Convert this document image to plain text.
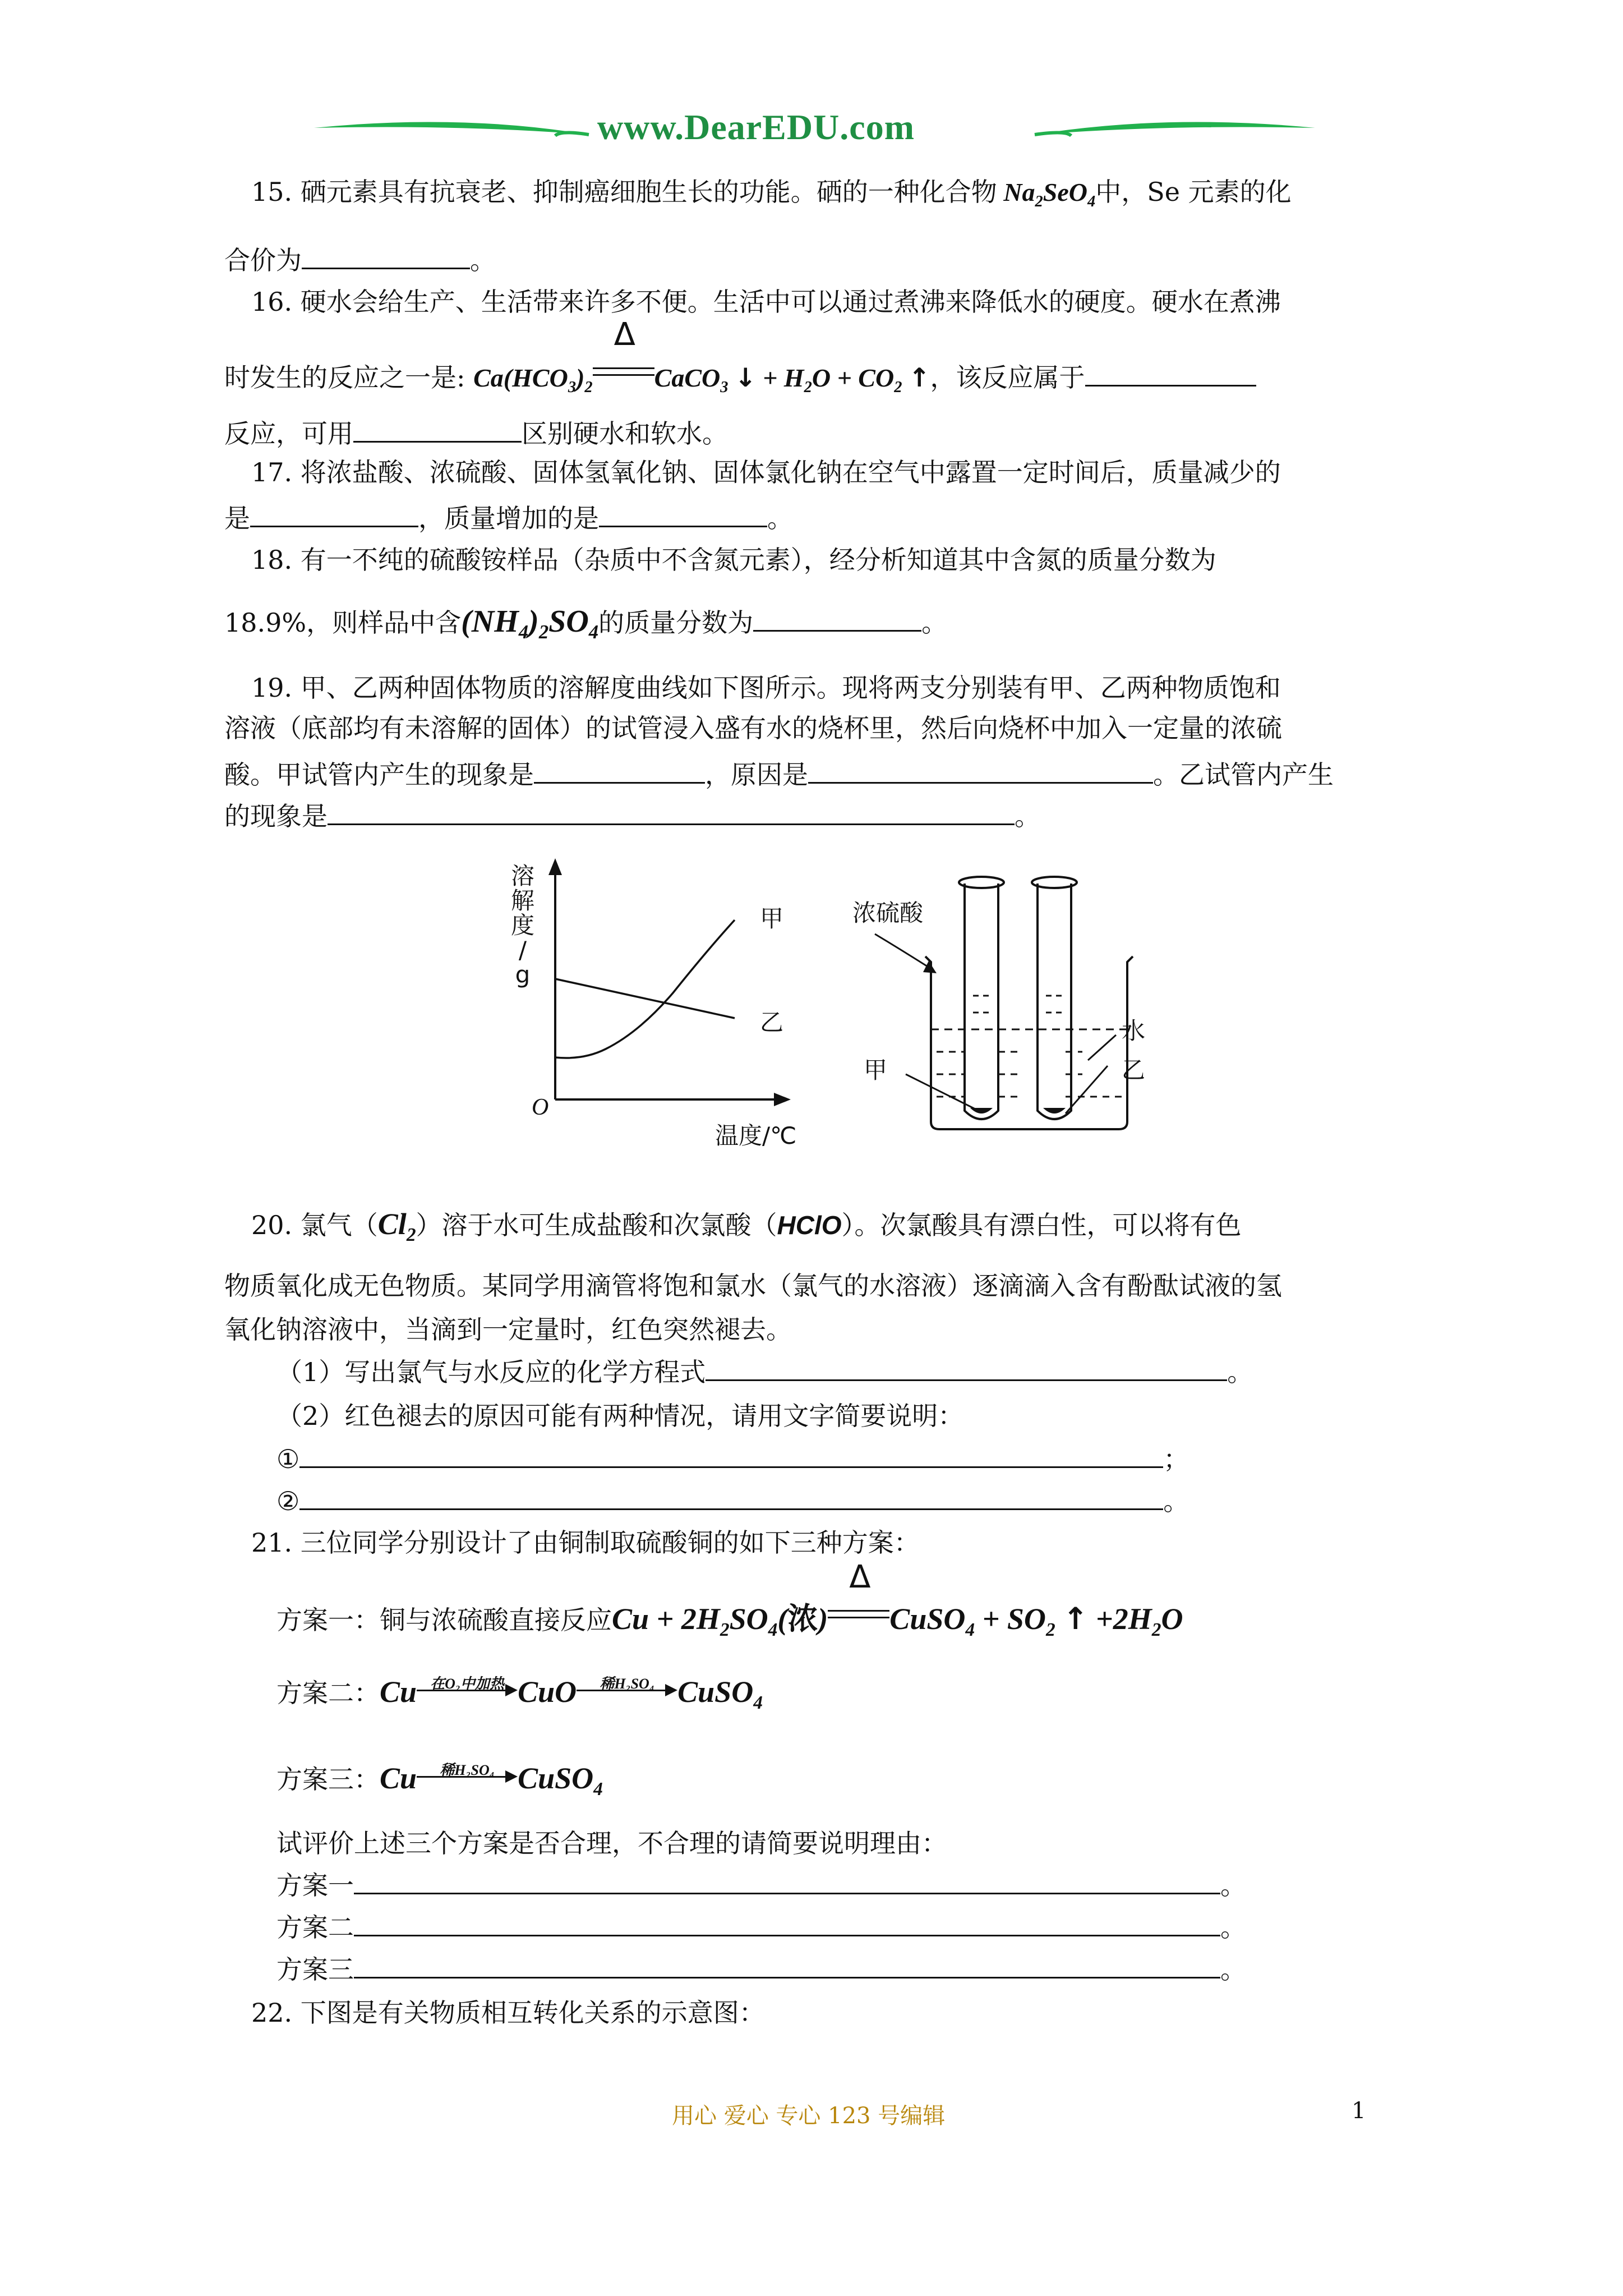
www.DearEDU.com
15. 硒元素具有抗衰老、抑制癌细胞生长的功能。硒的一种化合物 $Na_2SeO_4$中，Se 元素的化
合价为	。
16. 硬水会给生产、生活带来许多不便。生活中可以通过煮沸来降低水的硬度。硬水在煮沸
时发生的反应之一是: $Ca(HCO_3)_2$
Δ
CaCO$_3$ ↓ + $H_2O + CO_2$ ↑，该反应属于
反应，可用	区别硬水和软水。
17. 将浓盐酸、浓硫酸、固体氢氧化钠、固体氯化钠在空气中露置一定时间后，质量减少的
是	，质量增加的是	。
18. 有一不纯的硫酸铵样品（杂质中不含氮元素），经分析知道其中含氮的质量分数为
18.9%，则样品中含$(NH_4)_2SO_4$的质量分数为	。
19. 甲、乙两种固体物质的溶解度曲线如下图所示。现将两支分别装有甲、乙两种物质饱和
溶液（底部均有未溶解的固体）的试管浸入盛有水的烧杯里，然后向烧杯中加入一定量的浓硫
酸。甲试管内产生的现象是	，原因是	。乙试管内产生
的现象是	。
溶
解
度
/
g
O
温度/℃
甲
乙
浓硫酸
水
乙
甲
20. 氯气$(Cl_2)$溶于水可生成盐酸和次氯酸（HClO）。次氯酸具有漂白性，可以将有色
物质氧化成无色物质。某同学用滴管将饱和氯水（氯气的水溶液）逐滴滴入含有酚酞试液的氢
氧化钠溶液中，当滴到一定量时，红色突然褪去。
（1）写出氯气与水反应的化学方程式	。
（2）红色褪去的原因可能有两种情况，请用文字简要说明：
①	；
②	。
21. 三位同学分别设计了由铜制取硫酸铜的如下三种方案：
方案一：铜与浓硫酸直接反应$Cu + 2H_2SO_4$(浓)
Δ
CuSO$_4$ + $SO_2$ ↑ $+2H_2O$
方案二：Cu 在O₂中加热 CuO	稀H₂SO₄ CuSO$_4$
方案三：Cu	稀H₂SO₄ CuSO$_4$
试评价上述三个方案是否合理，不合理的请简要说明理由：
方案一	。
方案二	。
方案三	。
22. 下图是有关物质相互转化关系的示意图：
用心 爱心 专心 123 号编辑	1
